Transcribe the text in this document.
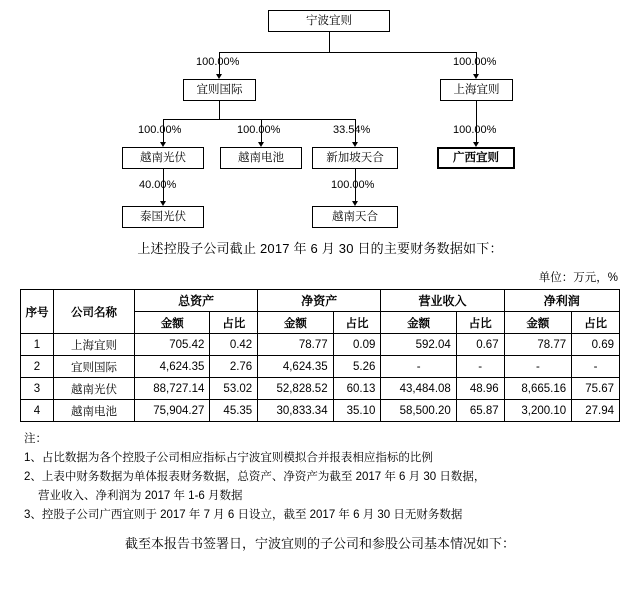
宁波宜则
100.00%	100.00%
宜则国际	上海宜则
100.00%	100.00%	33.54%	100.00%
越南光伏	越南电池	新加坡天合	广西宜则
40.00%	100.00%
泰国光伏	越南天合
上述控股子公司截止 2017 年 6 月 30 日的主要财务数据如下：
单位：万元，%
序号	公司名称	总资产		净资产		营业收入		净利润	
		金额	占比	金额	占比	金额	占比	金额	占比
1	上海宜则	705.42	0.42	78.77	0.09	592.04	0.67	78.77	0.69
2	宜则国际	4,624.35	2.76	4,624.35	5.26	-	-	-	-
3	越南光伏	88,727.14	53.02	52,828.52	60.13	43,484.08	48.96	8,665.16	75.67
4	越南电池	75,904.27	45.35	30,833.34	35.10	58,500.20	65.87	3,200.10	27.94
注：
1、占比数据为各个控股子公司相应指标占宁波宜则模拟合并报表相应指标的比例
2、上表中财务数据为单体报表财务数据，总资产、净资产为截至 2017 年 6 月 30 日数据，
营业收入、净利润为 2017 年 1-6 月数据
3、控股子公司广西宜则于 2017 年 7 月 6 日设立，截至 2017 年 6 月 30 日无财务数据
截至本报告书签署日，宁波宜则的子公司和参股公司基本情况如下：
